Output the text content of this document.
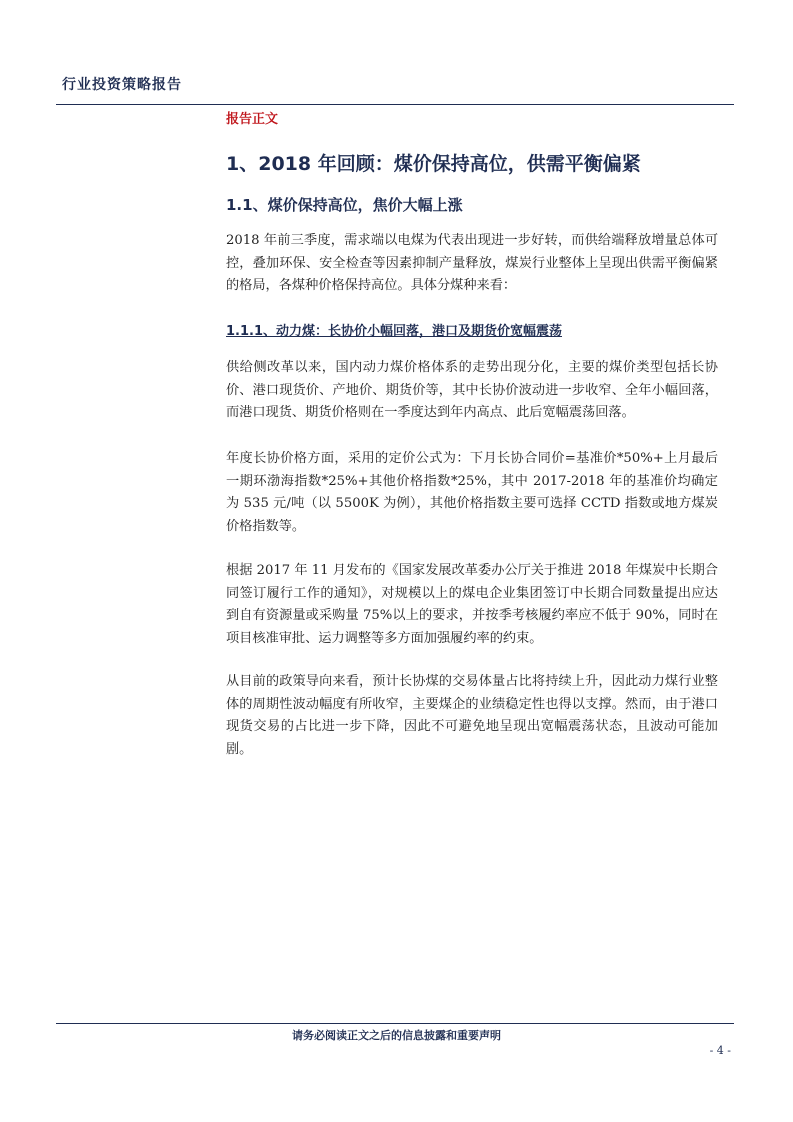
行业投资策略报告
报告正文
1、2018 年回顾：煤价保持高位，供需平衡偏紧
1.1、煤价保持高位，焦价大幅上涨

2018 年前三季度，需求端以电煤为代表出现进一步好转，而供给端释放增量总体可控，叠加环保、安全检查等因素抑制产量释放，煤炭行业整体上呈现出供需平衡偏紧的格局，各煤种价格保持高位。具体分煤种来看：

1.1.1、动力煤：长协价小幅回落，港口及期货价宽幅震荡

供给侧改革以来，国内动力煤价格体系的走势出现分化，主要的煤价类型包括长协价、港口现货价、产地价、期货价等，其中长协价波动进一步收窄、全年小幅回落，而港口现货、期货价格则在一季度达到年内高点、此后宽幅震荡回落。

年度长协价格方面，采用的定价公式为：下月长协合同价=基准价*50%+上月最后一期环渤海指数*25%+其他价格指数*25%，其中 2017-2018 年的基准价均确定为 535 元/吨（以 5500K 为例），其他价格指数主要可选择 CCTD 指数或地方煤炭价格指数等。

根据 2017 年 11 月发布的《国家发展改革委办公厅关于推进 2018 年煤炭中长期合同签订履行工作的通知》，对规模以上的煤电企业集团签订中长期合同数量提出应达到自有资源量或采购量 75%以上的要求，并按季考核履约率应不低于 90%，同时在项目核准审批、运力调整等多方面加强履约率的约束。

从目前的政策导向来看，预计长协煤的交易体量占比将持续上升，因此动力煤行业整体的周期性波动幅度有所收窄，主要煤企的业绩稳定性也得以支撑。然而，由于港口现货交易的占比进一步下降，因此不可避免地呈现出宽幅震荡状态，且波动可能加剧。

请务必阅读正文之后的信息披露和重要声明
- 4 -
